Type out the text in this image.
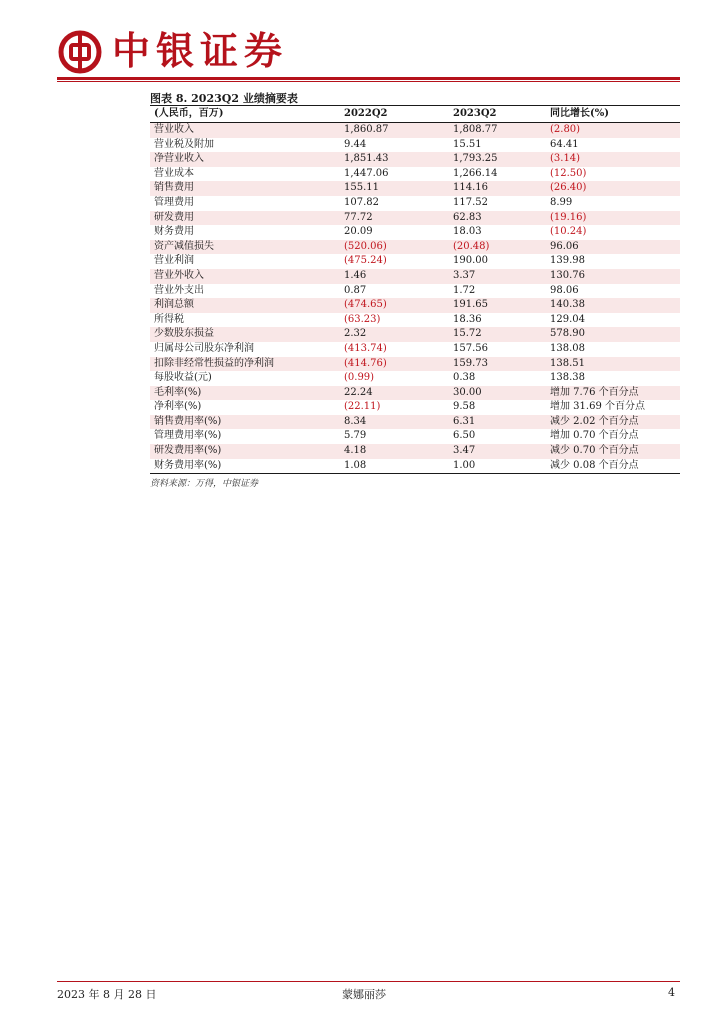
中银证券
图表 8. 2023Q2 业绩摘要表
(人民币，百万)	2022Q2	2023Q2	同比增长(%)
营业收入	1,860.87	1,808.77	(2.80)
营业税及附加	9.44	15.51	64.41
净营业收入	1,851.43	1,793.25	(3.14)
营业成本	1,447.06	1,266.14	(12.50)
销售费用	155.11	114.16	(26.40)
管理费用	107.82	117.52	8.99
研发费用	77.72	62.83	(19.16)
财务费用	20.09	18.03	(10.24)
资产减值损失	(520.06)	(20.48)	96.06
营业利润	(475.24)	190.00	139.98
营业外收入	1.46	3.37	130.76
营业外支出	0.87	1.72	98.06
利润总额	(474.65)	191.65	140.38
所得税	(63.23)	18.36	129.04
少数股东损益	2.32	15.72	578.90
归属母公司股东净利润	(413.74)	157.56	138.08
扣除非经常性损益的净利润	(414.76)	159.73	138.51
每股收益(元)	(0.99)	0.38	138.38
毛利率(%)	22.24	30.00	增加 7.76 个百分点
净利率(%)	(22.11)	9.58	增加 31.69 个百分点
销售费用率(%)	8.34	6.31	减少 2.02 个百分点
管理费用率(%)	5.79	6.50	增加 0.70 个百分点
研发费用率(%)	4.18	3.47	减少 0.70 个百分点
财务费用率(%)	1.08	1.00	减少 0.08 个百分点
资料来源：万得，中银证券
2023 年 8 月 28 日	蒙娜丽莎	4
